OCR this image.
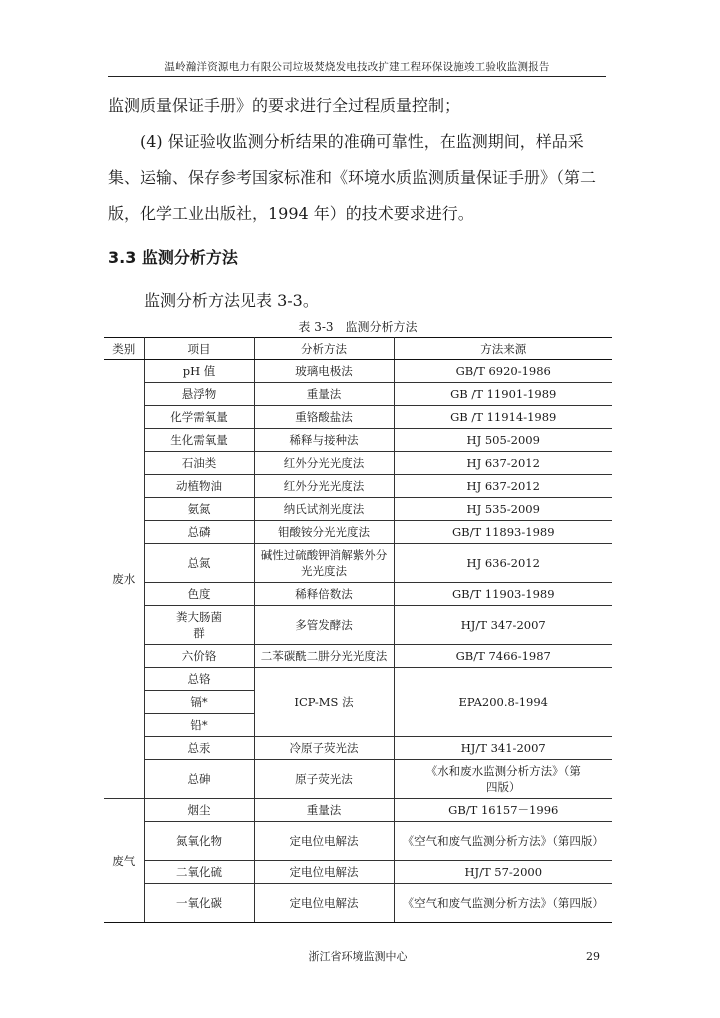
温岭瀚洋资源电力有限公司垃圾焚烧发电技改扩建工程环保设施竣工验收监测报告

监测质量保证手册》的要求进行全过程质量控制；

(4) 保证验收监测分析结果的准确可靠性，在监测期间，样品采集、运输、保存参考国家标准和《环境水质监测质量保证手册》（第二版，化学工业出版社，1994 年）的技术要求进行。

3.3 监测分析方法

监测分析方法见表 3-3。

表 3-3　监测分析方法
类别	项目	分析方法	方法来源
废水	pH 值	玻璃电极法	GB/T 6920-1986
	悬浮物	重量法	GB /T 11901-1989
	化学需氧量	重铬酸盐法	GB /T 11914-1989
	生化需氧量	稀释与接种法	HJ 505-2009
	石油类	红外分光光度法	HJ 637-2012
	动植物油	红外分光光度法	HJ 637-2012
	氨氮	纳氏试剂光度法	HJ 535-2009
	总磷	钼酸铵分光光度法	GB/T 11893-1989
	总氮	碱性过硫酸钾消解紫外分光光度法	HJ 636-2012
	色度	稀释倍数法	GB/T 11903-1989
	粪大肠菌群	多管发酵法	HJ/T 347-2007
	六价铬	二苯碳酰二肼分光光度法	GB/T 7466-1987
	总铬	ICP-MS 法	EPA200.8-1994
	镉*		
	铅*		
	总汞	冷原子荧光法	HJ/T 341-2007
	总砷	原子荧光法	《水和废水监测分析方法》（第四版）
废气	烟尘	重量法	GB/T 16157－1996
	氮氧化物	定电位电解法	《空气和废气监测分析方法》（第四版）
	二氧化硫	定电位电解法	HJ/T 57-2000
	一氧化碳	定电位电解法	《空气和废气监测分析方法》（第四版）
浙江省环境监测中心	29
